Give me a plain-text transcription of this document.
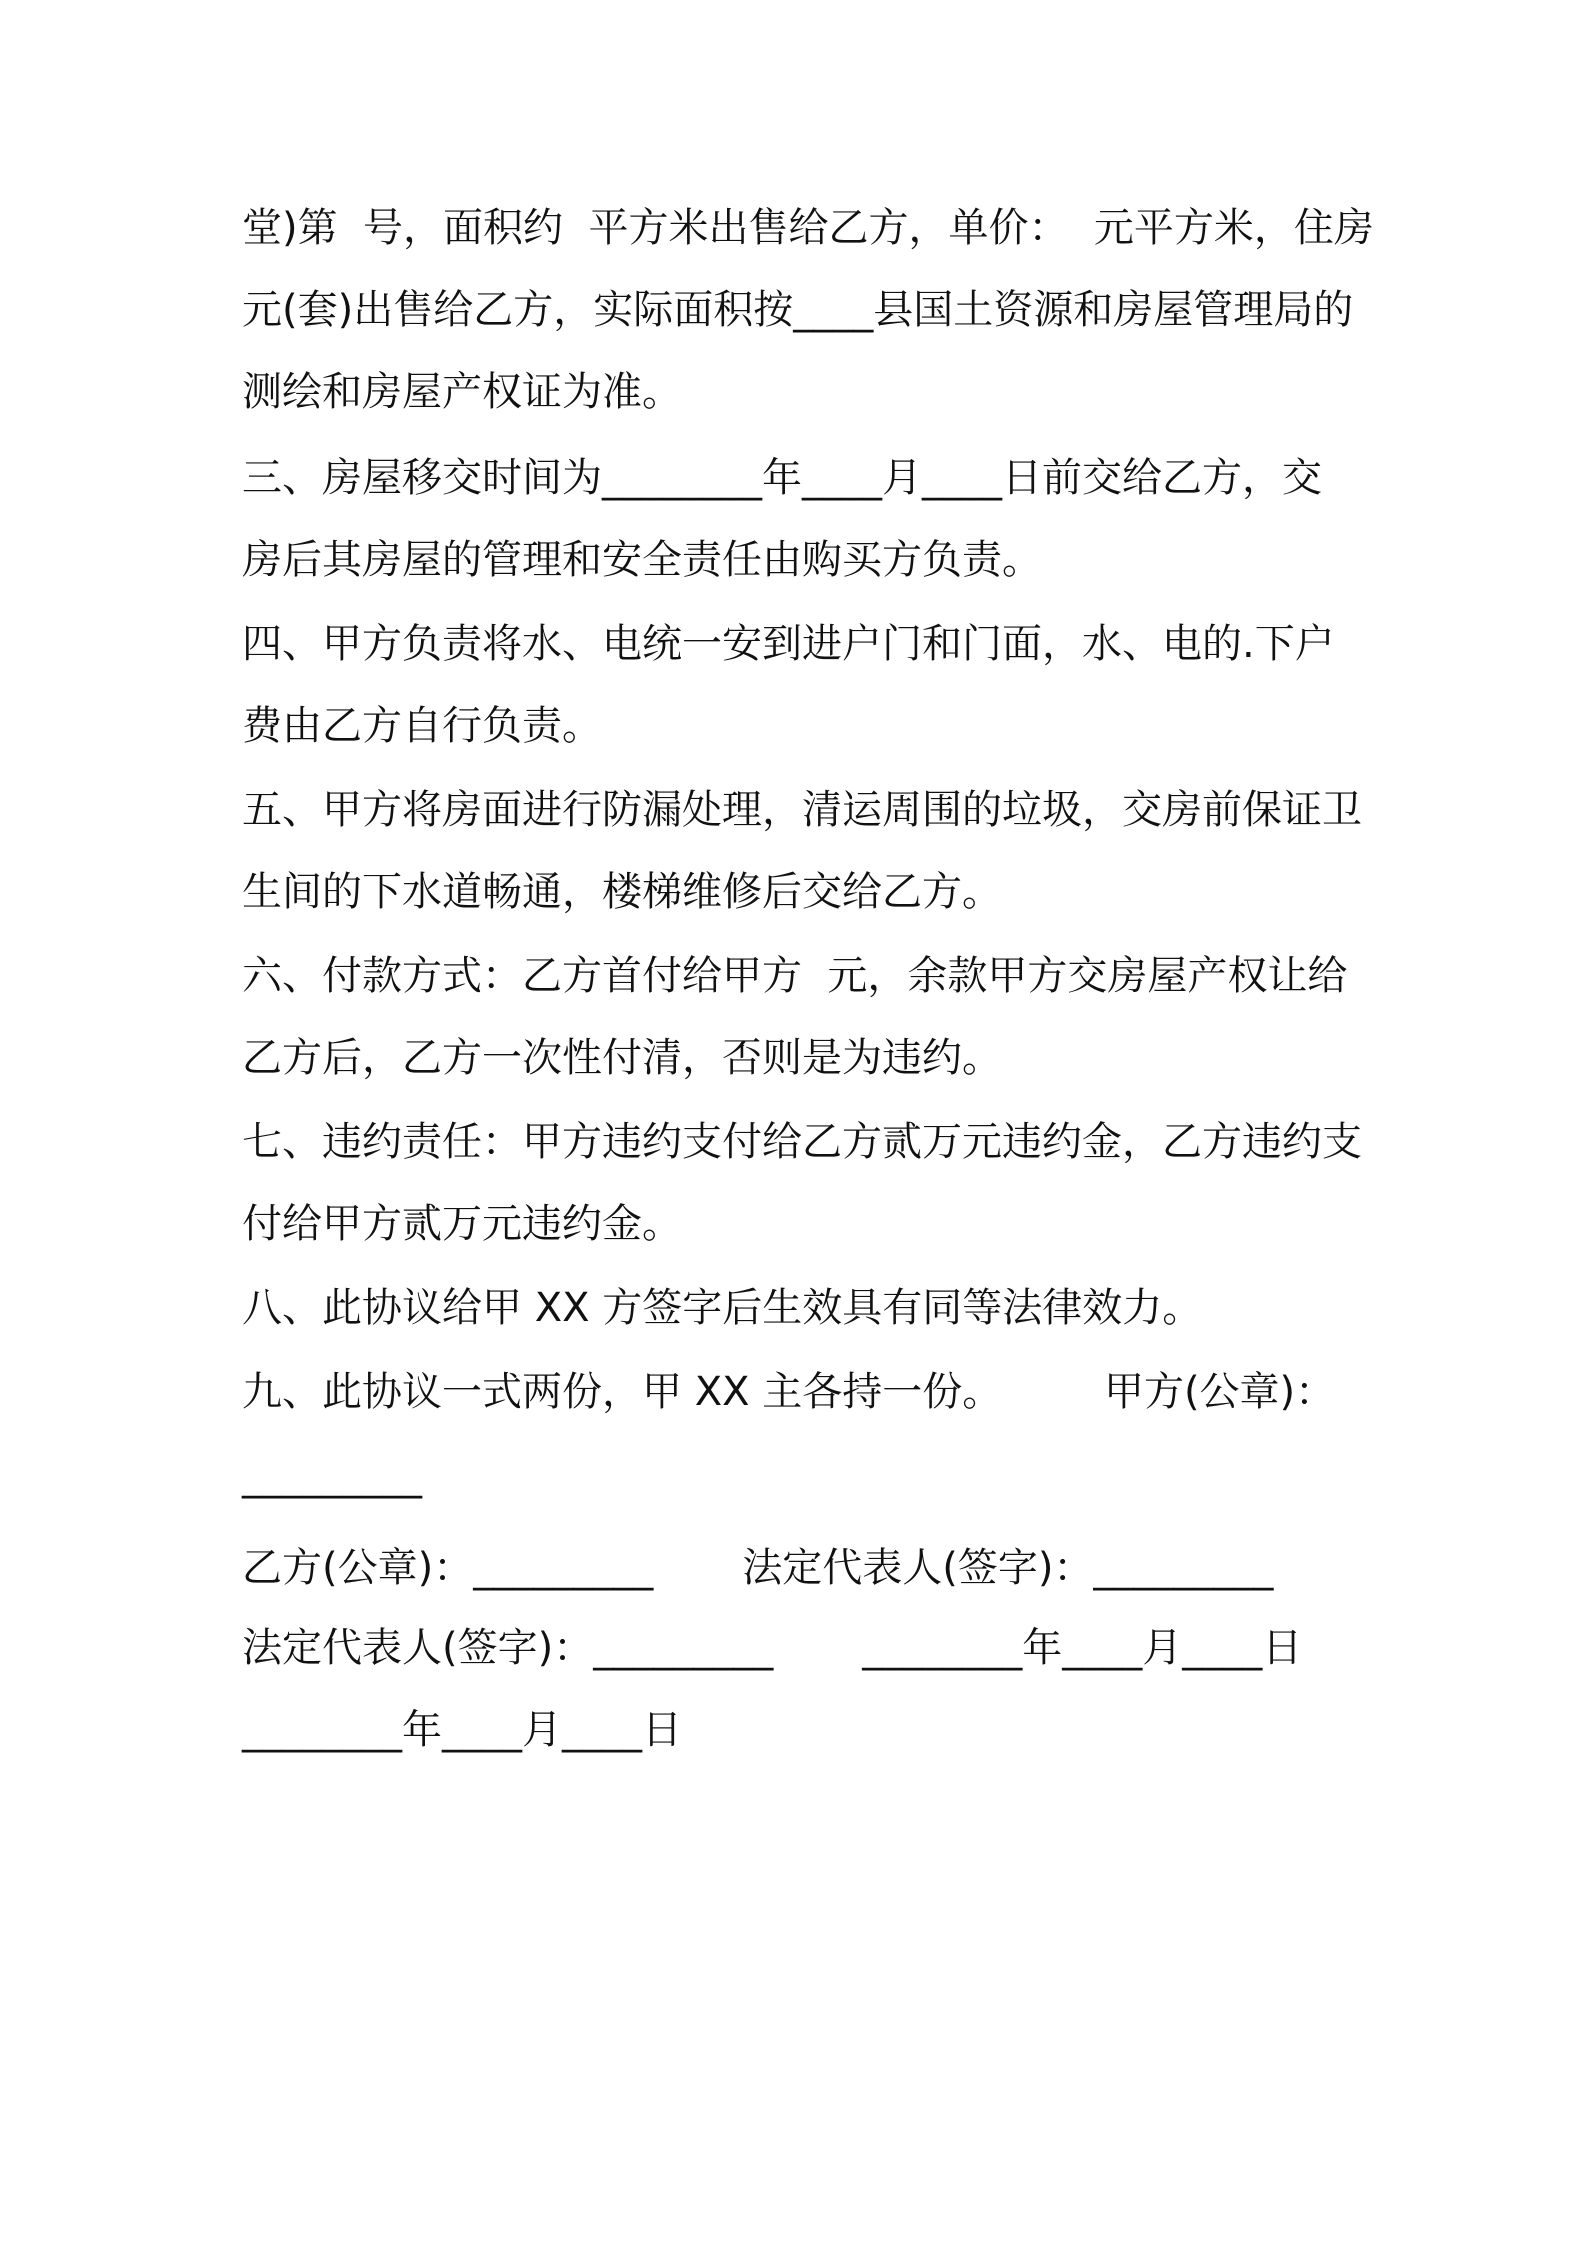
堂)第  号，面积约  平方米出售给乙方，单价：  元平方米，住房
元(套)出售给乙方，实际面积按____县国土资源和房屋管理局的
测绘和房屋产权证为准。
三、房屋移交时间为________年____月____日前交给乙方，交
房后其房屋的管理和安全责任由购买方负责。
四、甲方负责将水、电统一安到进户门和门面，水、电的.下户
费由乙方自行负责。
五、甲方将房面进行防漏处理，清运周围的垃圾，交房前保证卫
生间的下水道畅通，楼梯维修后交给乙方。
六、付款方式：乙方首付给甲方  元，余款甲方交房屋产权让给
乙方后，乙方一次性付清，否则是为违约。
七、违约责任：甲方违约支付给乙方贰万元违约金，乙方违约支
付给甲方贰万元违约金。
八、此协议给甲 XX 方签字后生效具有同等法律效力。
九、此协议一式两份，甲 XX 主各持一份。        甲方(公章)：
_________
乙方(公章)：_________       法定代表人(签字)：_________
法定代表人(签字)：_________       ________年____月____日
________年____月____日
